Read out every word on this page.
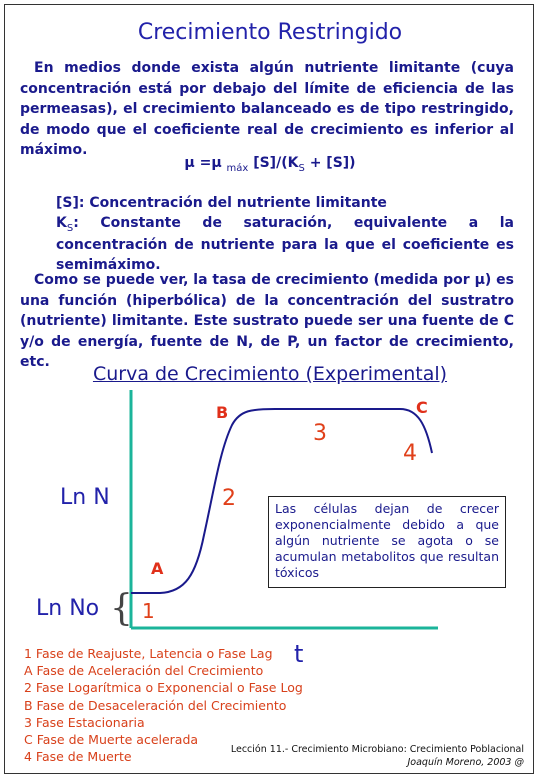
Crecimiento Restringido
En medios donde exista algún nutriente limitante (cuya concentración está por debajo del límite de eficiencia de las permeasas), el crecimiento balanceado es de tipo restringido, de modo que el coeficiente real de crecimiento es inferior al máximo.
μ =μ $_{máx}$ $[S]/(K_S + [S])$
[S]: Concentración del nutriente limitante
$K_S$: Constante de saturación, equivalente a la concentración de nutriente para la que el coeficiente es semimáximo.
Como se puede ver, la tasa de crecimiento (medida por μ) es una función (hiperbólica) de la concentración del sustratro (nutriente) limitante. Este sustrato puede ser una fuente de C y/o de energía, fuente de N, de P, un factor de crecimiento, etc.
Curva de Crecimiento (Experimental)
1
A
2
B
3
C
4
Ln N
Ln No {
t
Las células dejan de crecer exponencialmente debido a que algún nutriente se agota o se acumulan metabolitos que resultan tóxicos
1 Fase de Reajuste, Latencia o Fase Lag
A Fase de Aceleración del Crecimiento
2 Fase Logarítmica o Exponencial o Fase Log
B Fase de Desaceleración del Crecimiento
3 Fase Estacionaria
C Fase de Muerte acelerada
4 Fase de Muerte	Lección 11.- Crecimiento Microbiano: Crecimiento Poblacional
Joaquín Moreno, 2003 @
